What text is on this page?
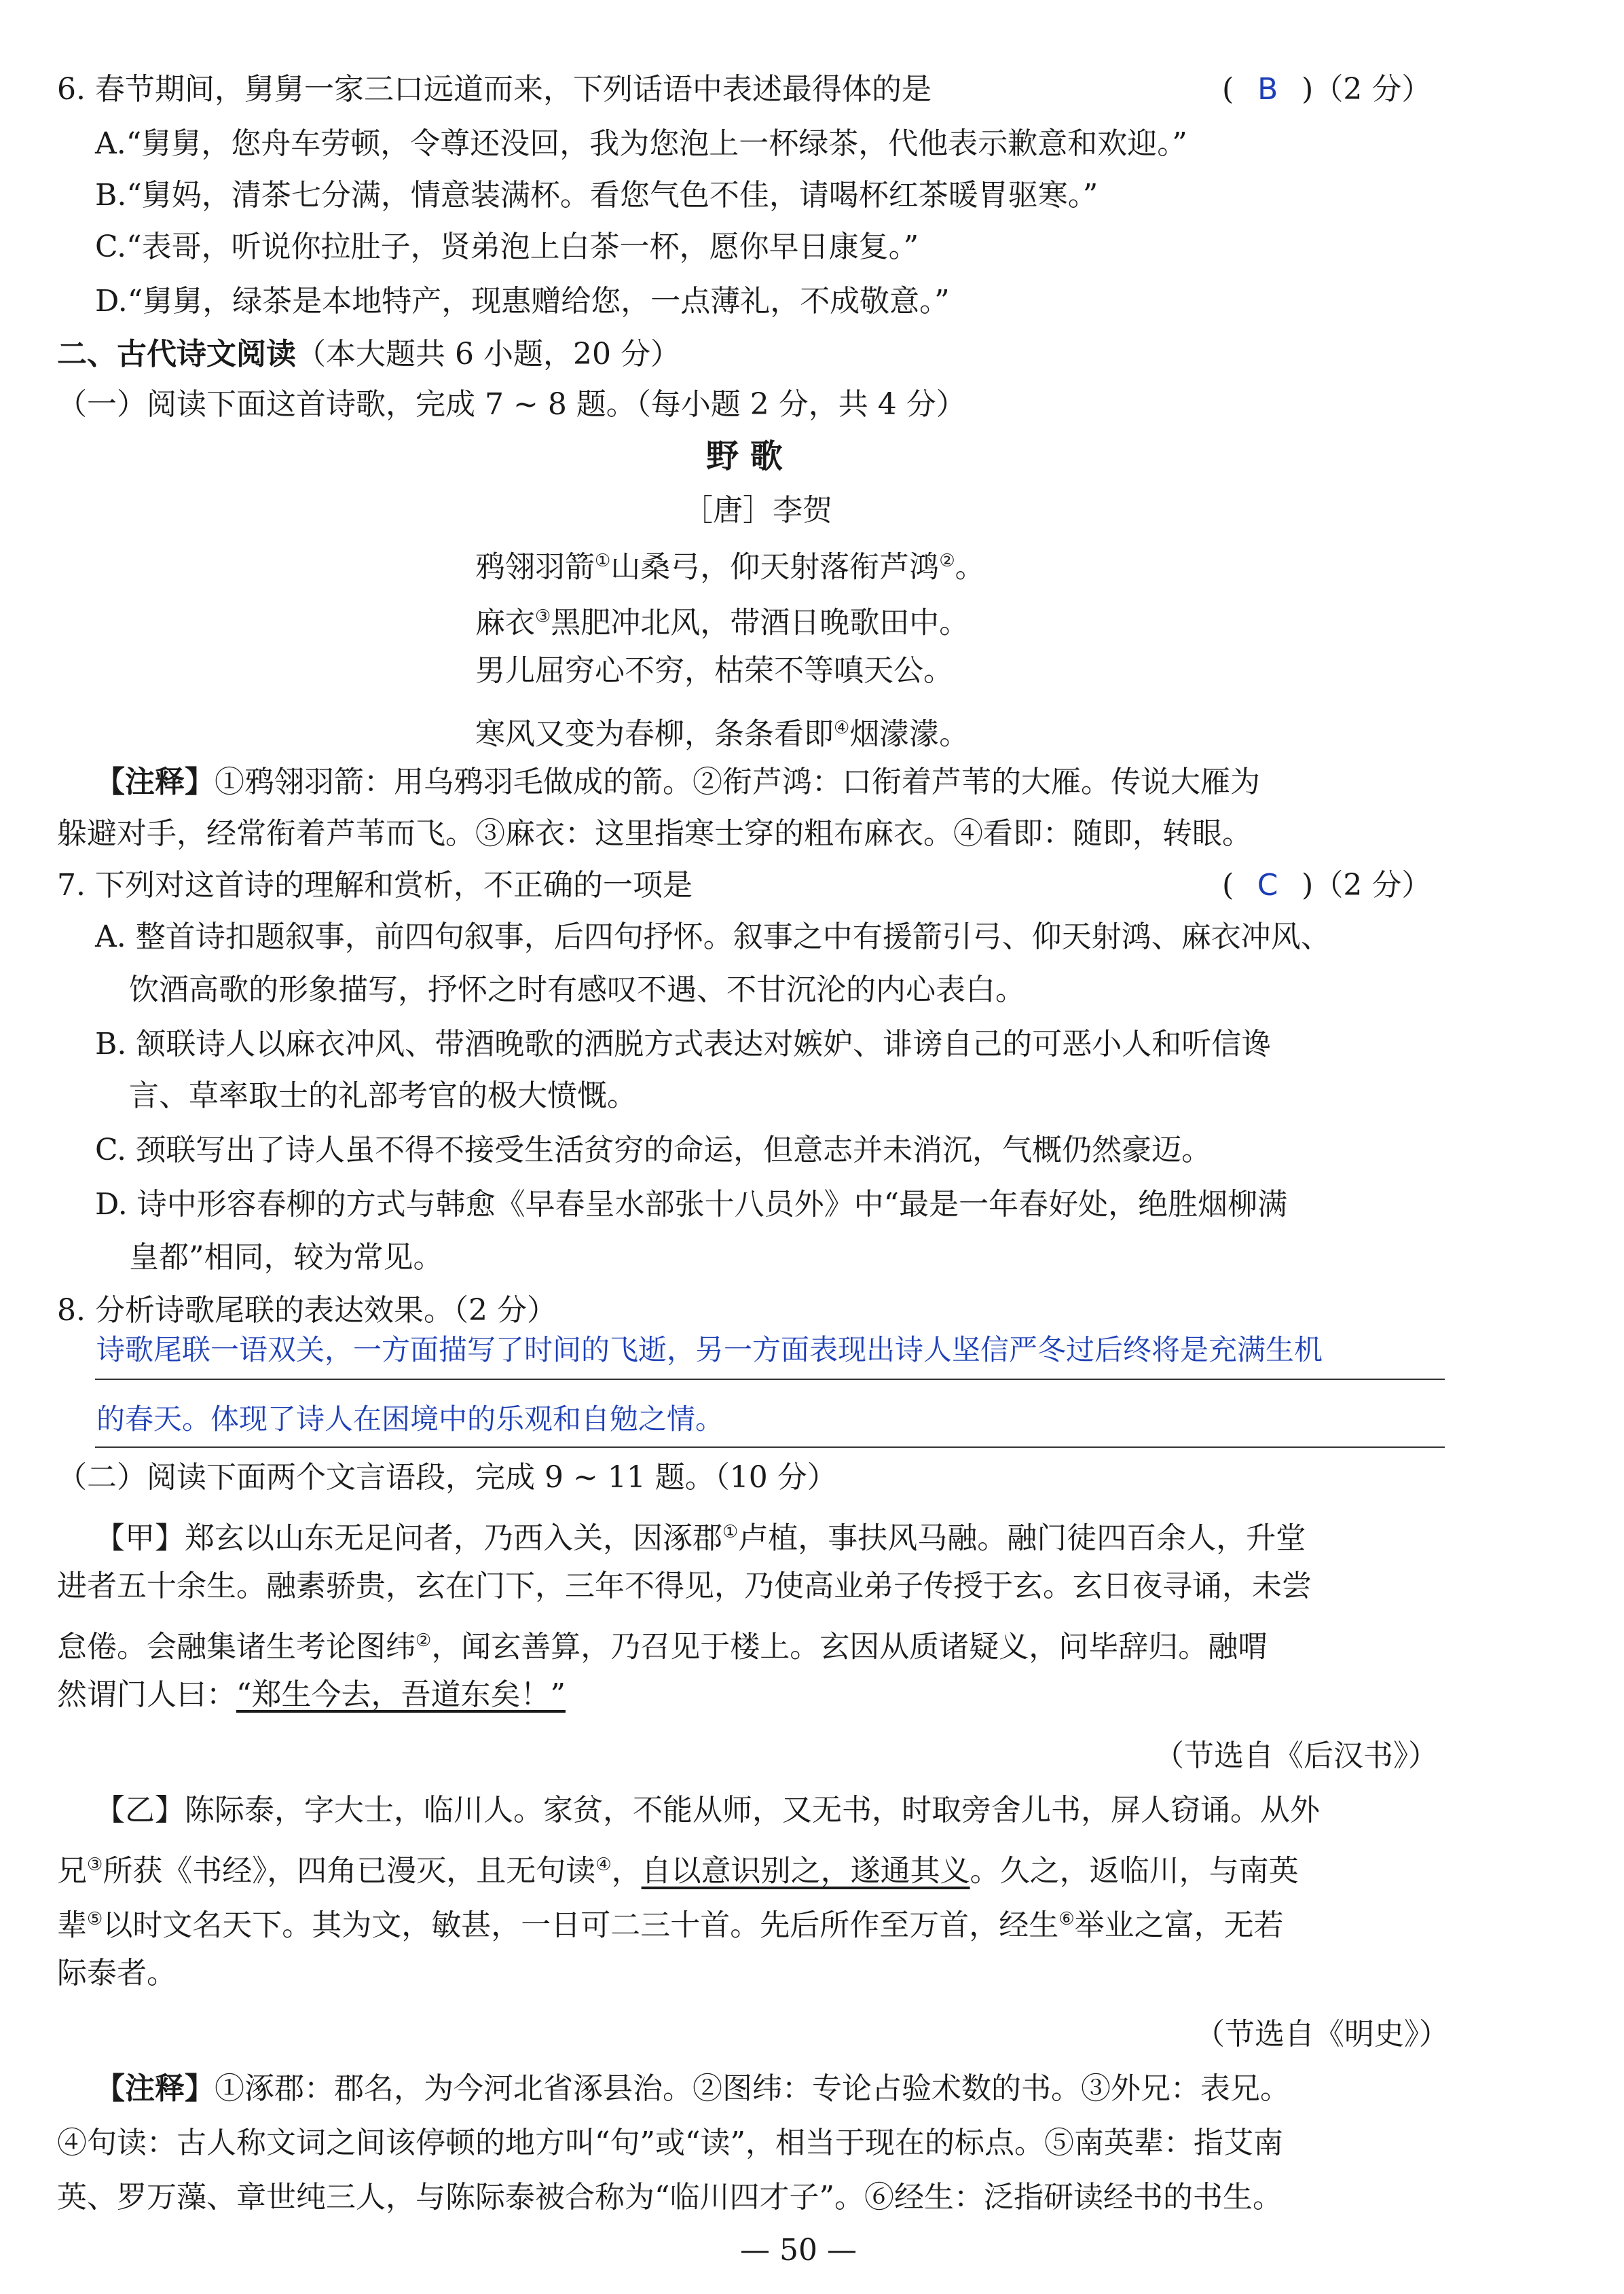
6. 春节期间，舅舅一家三口远道而来，下列话语中表述最得体的是	( B )（2 分）
A.“舅舅，您舟车劳顿，令尊还没回，我为您泡上一杯绿茶，代他表示歉意和欢迎。”
B.“舅妈，清茶七分满，情意装满杯。看您气色不佳，请喝杯红茶暖胃驱寒。”
C.“表哥，听说你拉肚子，贤弟泡上白茶一杯，愿你早日康复。”
D.“舅舅，绿茶是本地特产，现惠赠给您，一点薄礼，不成敬意。”
二、古代诗文阅读（本大题共 6 小题，20 分）
（一）阅读下面这首诗歌，完成 7 ~ 8 题。（每小题 2 分，共 4 分）
野 歌
［唐］李贺
鸦翎羽箭①山桑弓，仰天射落衔芦鸿②。
麻衣③黑肥冲北风，带酒日晚歌田中。
男儿屈穷心不穷，枯荣不等嗔天公。
寒风又变为春柳，条条看即④烟濛濛。
【注释】①鸦翎羽箭：用乌鸦羽毛做成的箭。②衔芦鸿：口衔着芦苇的大雁。传说大雁为
躲避对手，经常衔着芦苇而飞。③麻衣：这里指寒士穿的粗布麻衣。④看即：随即，转眼。
7. 下列对这首诗的理解和赏析，不正确的一项是	( C )（2 分）
A. 整首诗扣题叙事，前四句叙事，后四句抒怀。叙事之中有援箭引弓、仰天射鸿、麻衣冲风、
饮酒高歌的形象描写，抒怀之时有感叹不遇、不甘沉沦的内心表白。
B. 颔联诗人以麻衣冲风、带酒晚歌的洒脱方式表达对嫉妒、诽谤自己的可恶小人和听信谗
言、草率取士的礼部考官的极大愤慨。
C. 颈联写出了诗人虽不得不接受生活贫穷的命运，但意志并未消沉，气概仍然豪迈。
D. 诗中形容春柳的方式与韩愈《早春呈水部张十八员外》中“最是一年春好处，绝胜烟柳满
皇都”相同，较为常见。
8. 分析诗歌尾联的表达效果。（2 分）
诗歌尾联一语双关，一方面描写了时间的飞逝，另一方面表现出诗人坚信严冬过后终将是充满生机
的春天。体现了诗人在困境中的乐观和自勉之情。
（二）阅读下面两个文言语段，完成 9 ~ 11 题。（10 分）
【甲】郑玄以山东无足问者，乃西入关，因涿郡①卢植，事扶风马融。融门徒四百余人，升堂
进者五十余生。融素骄贵，玄在门下，三年不得见，乃使高业弟子传授于玄。玄日夜寻诵，未尝
怠倦。会融集诸生考论图纬②，闻玄善算，乃召见于楼上。玄因从质诸疑义，问毕辞归。融喟
然谓门人曰：“郑生今去，吾道东矣！”
（节选自《后汉书》）
【乙】陈际泰，字大士，临川人。家贫，不能从师，又无书，时取旁舍儿书，屏人窃诵。从外
兄③所获《书经》，四角已漫灭，且无句读④，自以意识别之，遂通其义。久之，返临川，与南英
辈⑤以时文名天下。其为文，敏甚，一日可二三十首。先后所作至万首，经生⑥举业之富，无若
际泰者。
（节选自《明史》）
【注释】①涿郡：郡名，为今河北省涿县治。②图纬：专论占验术数的书。③外兄：表兄。
④句读：古人称文词之间该停顿的地方叫“句”或“读”，相当于现在的标点。⑤南英辈：指艾南
英、罗万藻、章世纯三人，与陈际泰被合称为“临川四才子”。⑥经生：泛指研读经书的书生。
— 50 —
